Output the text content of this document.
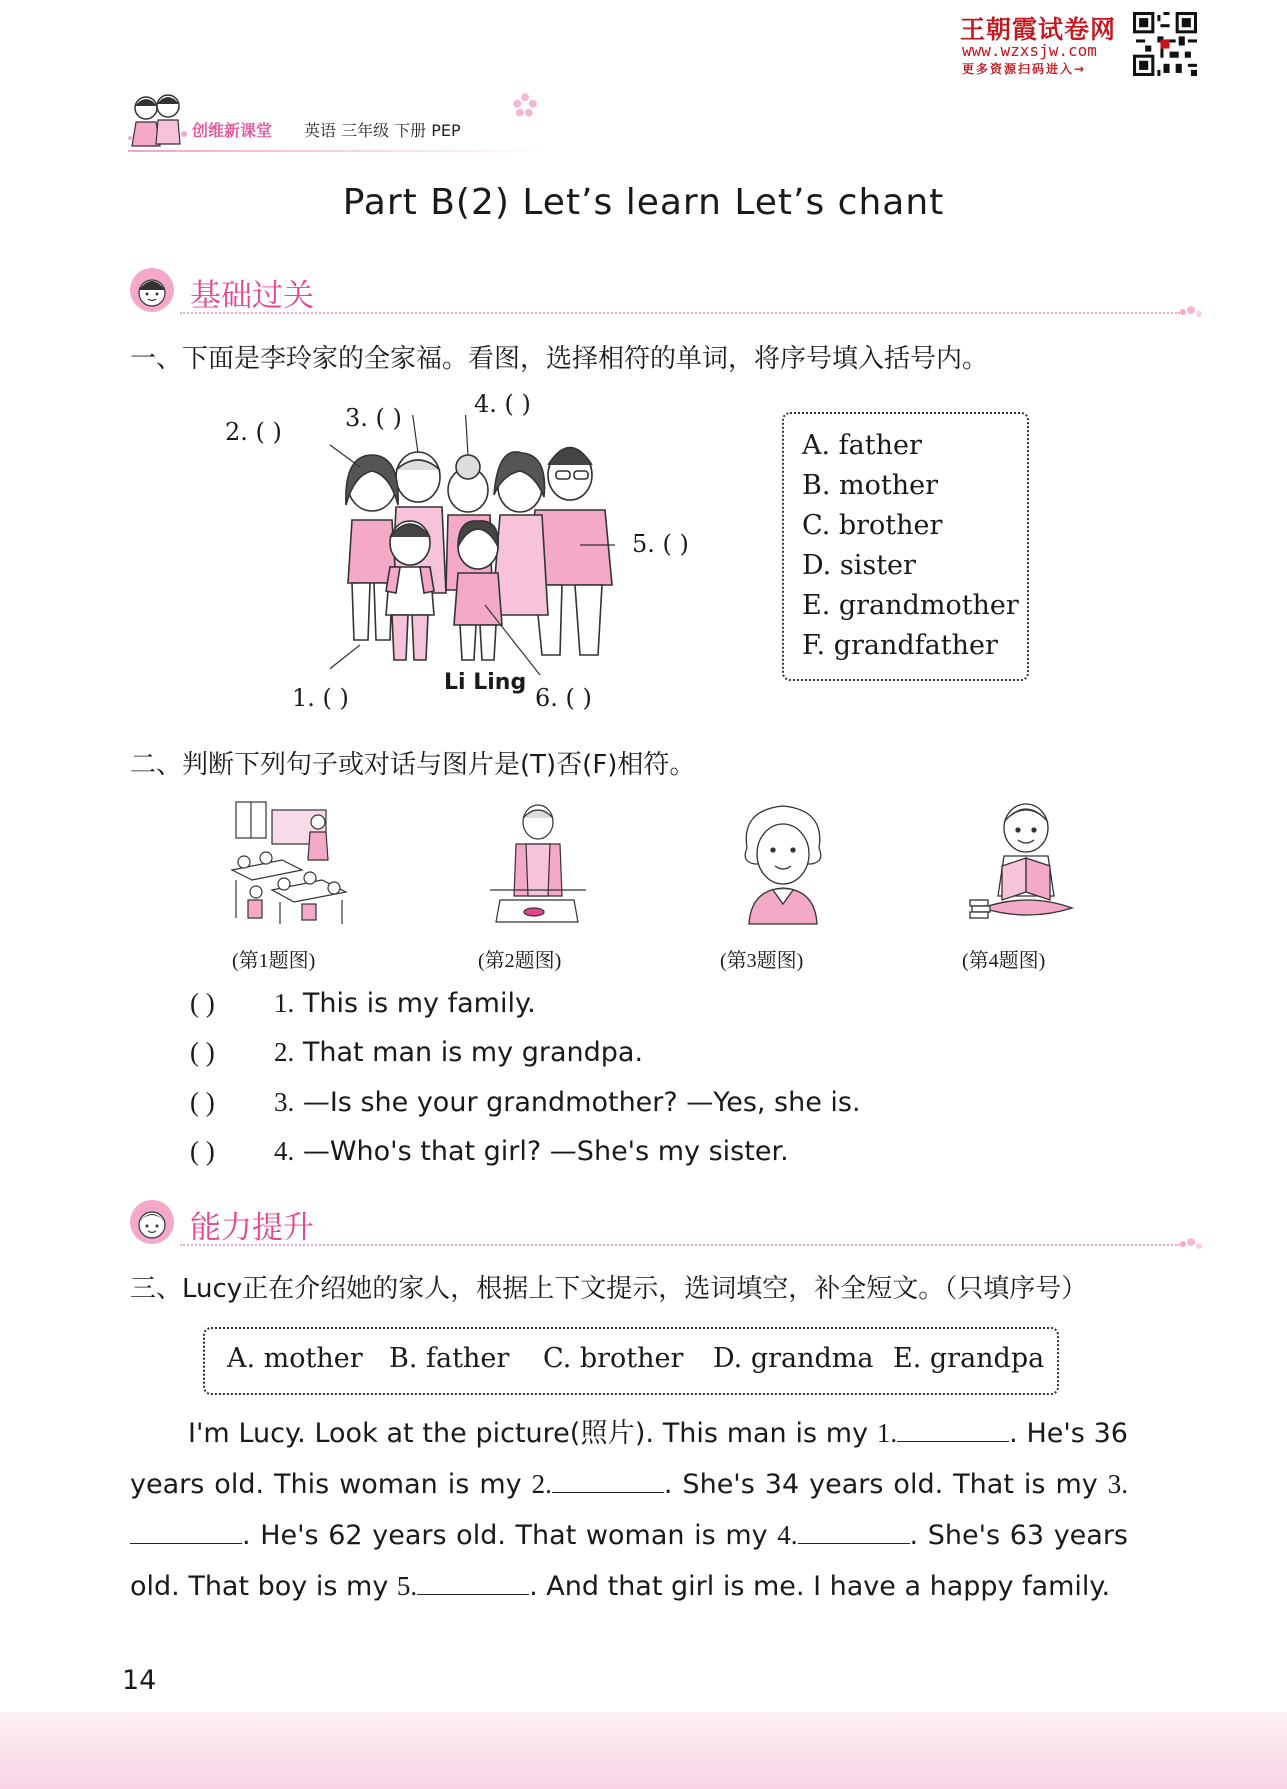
王朝霞试卷网
www.wzxsjw.com
更多资源扫码进入→
创维新课堂 英语 三年级 下册 PEP
Part B(2) Let’s learn Let’s chant
基础过关
一、下面是李玲家的全家福。看图，选择相符的单词，将序号填入括号内。
2. ( )	3. ( )	4. ( )
5. ( )
1. ( )	6. ( )
Li Ling
A. father
B. mother
C. brother
D. sister
E. grandmother
F. grandfather
二、判断下列句子或对话与图片是(T)否(F)相符。
(第1题图)	(第2题图)	(第3题图)	(第4题图)
( ) 1. This is my family.
( ) 2. That man is my grandpa.
( ) 3. —Is she your grandmother? —Yes, she is.
( ) 4. —Who's that girl? —She's my sister.
能力提升
三、Lucy正在介绍她的家人，根据上下文提示，选词填空，补全短文。（只填序号）
A. mother B. father C. brother D. grandma E. grandpa

I'm Lucy. Look at the picture(照片). This man is my 1.	. He's 36 years old. This woman is my 2.	. She's 34 years old. That is my 3.. He's 62 years old. That woman is my 4.	. She's 63 years old. That boy is my 5.	. And that girl is me. I have a happy family.

14
